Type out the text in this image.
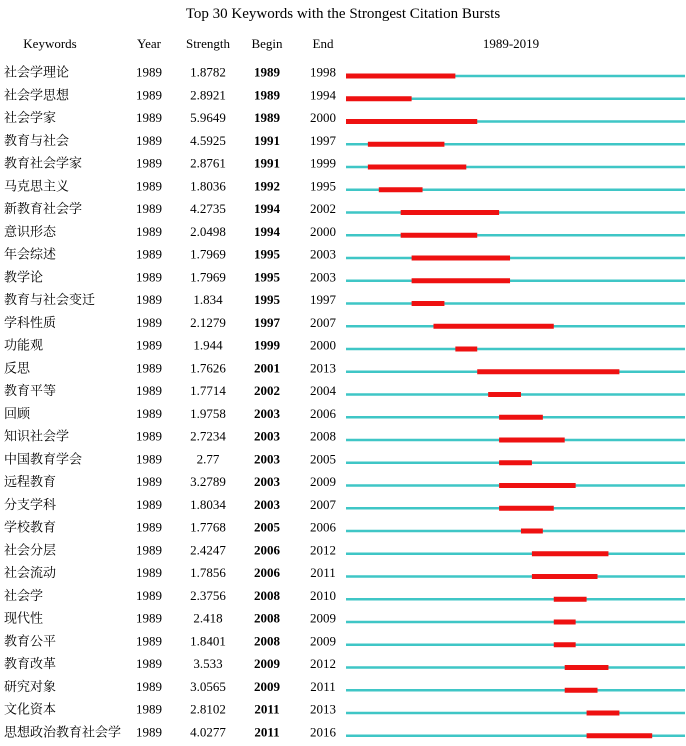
Top 30 Keywords with the Strongest Citation Bursts
Keywords	Year Strength Begin End	1989-2019
社会学理论	1989 1.8782 1989 1998
社会学思想	1989 2.8921 1989 1994
社会学家	1989 5.9649 1989 2000
教育与社会	1989 4.5925 1991 1997
教育社会学家	1989 2.8761 1991 1999
马克思主义	1989 1.8036 1992 1995
新教育社会学	1989 4.2735 1994 2002
意识形态	1989 2.0498 1994 2000
年会综述	1989 1.7969 1995 2003
教学论	1989 1.7969 1995 2003
教育与社会变迁	1989 1.834 1995 1997
学科性质	1989 2.1279 1997 2007
功能观	1989 1.944 1999 2000
反思	1989 1.7626 2001 2013
教育平等	1989 1.7714 2002 2004
回顾	1989 1.9758 2003 2006
知识社会学	1989 2.7234 2003 2008
中国教育学会	1989	2.77	2003 2005
远程教育	1989 3.2789 2003 2009
分支学科	1989 1.8034 2003 2007
学校教育	1989 1.7768 2005 2006
社会分层	1989 2.4247 2006 2012
社会流动	1989 1.7856 2006 2011
社会学	1989 2.3756 2008 2010
现代性	1989 2.418 2008 2009
教育公平	1989 1.8401 2008 2009
教育改革	1989 3.533 2009 2012
研究对象	1989 3.0565 2009 2011
文化资本	1989 2.8102 2011 2013
思想政治教育社会学 1989 4.0277 2011 2016
